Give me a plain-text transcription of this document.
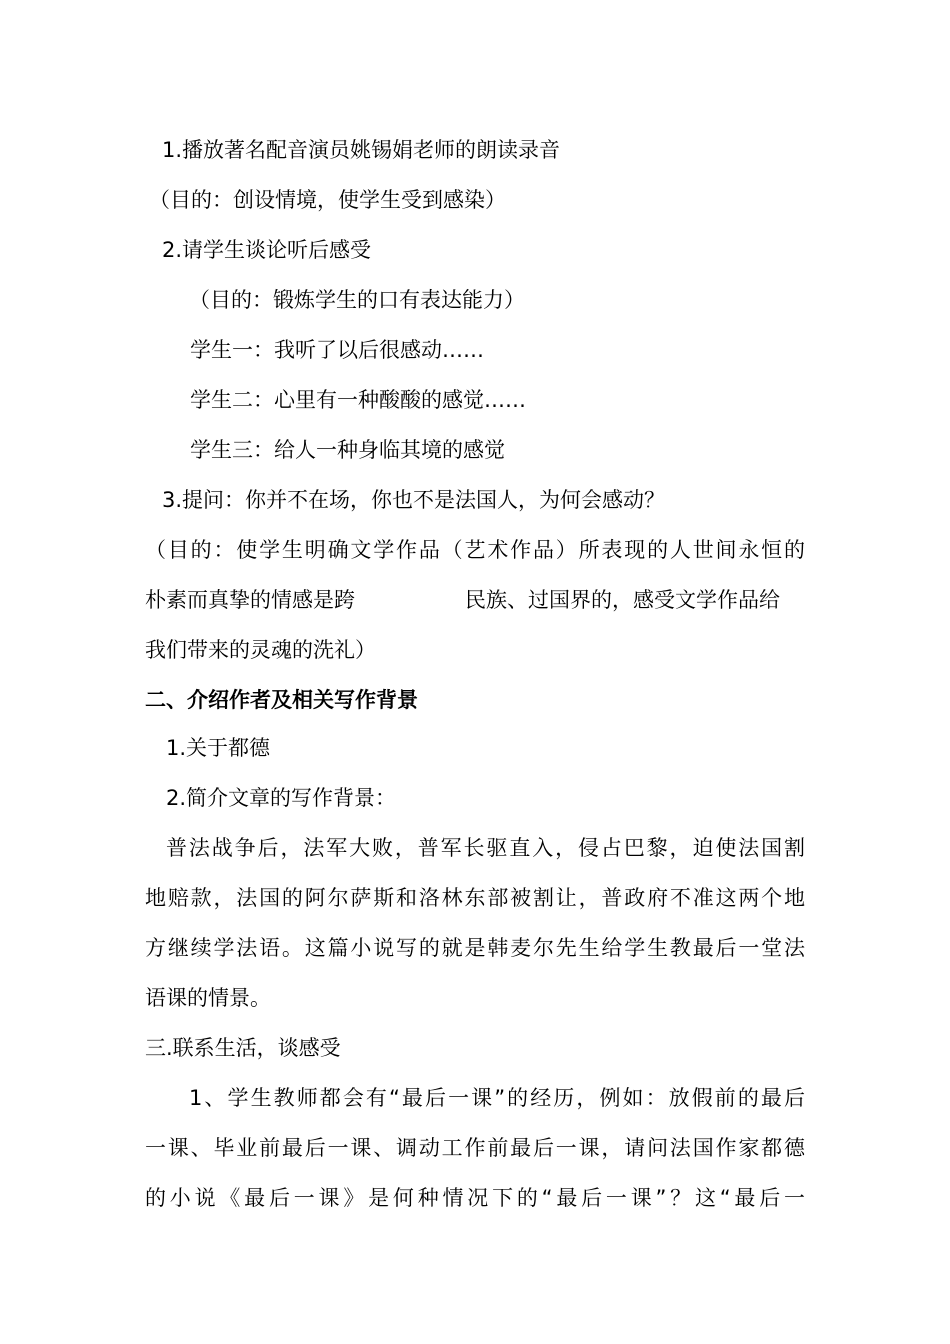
1.播放著名配音演员姚锡娟老师的朗读录音
（目的：创设情境，使学生受到感染）
2.请学生谈论听后感受
（目的：锻炼学生的口有表达能力）
学生一：我听了以后很感动……
学生二：心里有一种酸酸的感觉……
学生三：给人一种身临其境的感觉
3.提问：你并不在场，你也不是法国人，为何会感动？
（目的：使学生明确文学作品（艺术作品）所表现的人世间永恒的
朴素而真挚的情感是跨	民族、过国界的，感受文学作品给
我们带来的灵魂的洗礼）
二、介绍作者及相关写作背景
1.关于都德
2.简介文章的写作背景：
普法战争后，法军大败，普军长驱直入，侵占巴黎，迫使法国割
地赔款，法国的阿尔萨斯和洛林东部被割让，普政府不准这两个地
方继续学法语。这篇小说写的就是韩麦尔先生给学生教最后一堂法
语课的情景。
三.联系生活，谈感受
1、学生教师都会有“最后一课”的经历，例如：放假前的最后
一课、毕业前最后一课、调动工作前最后一课，请问法国作家都德
的小说《最后一课》是何种情况下的“最后一课”？这“最后一
